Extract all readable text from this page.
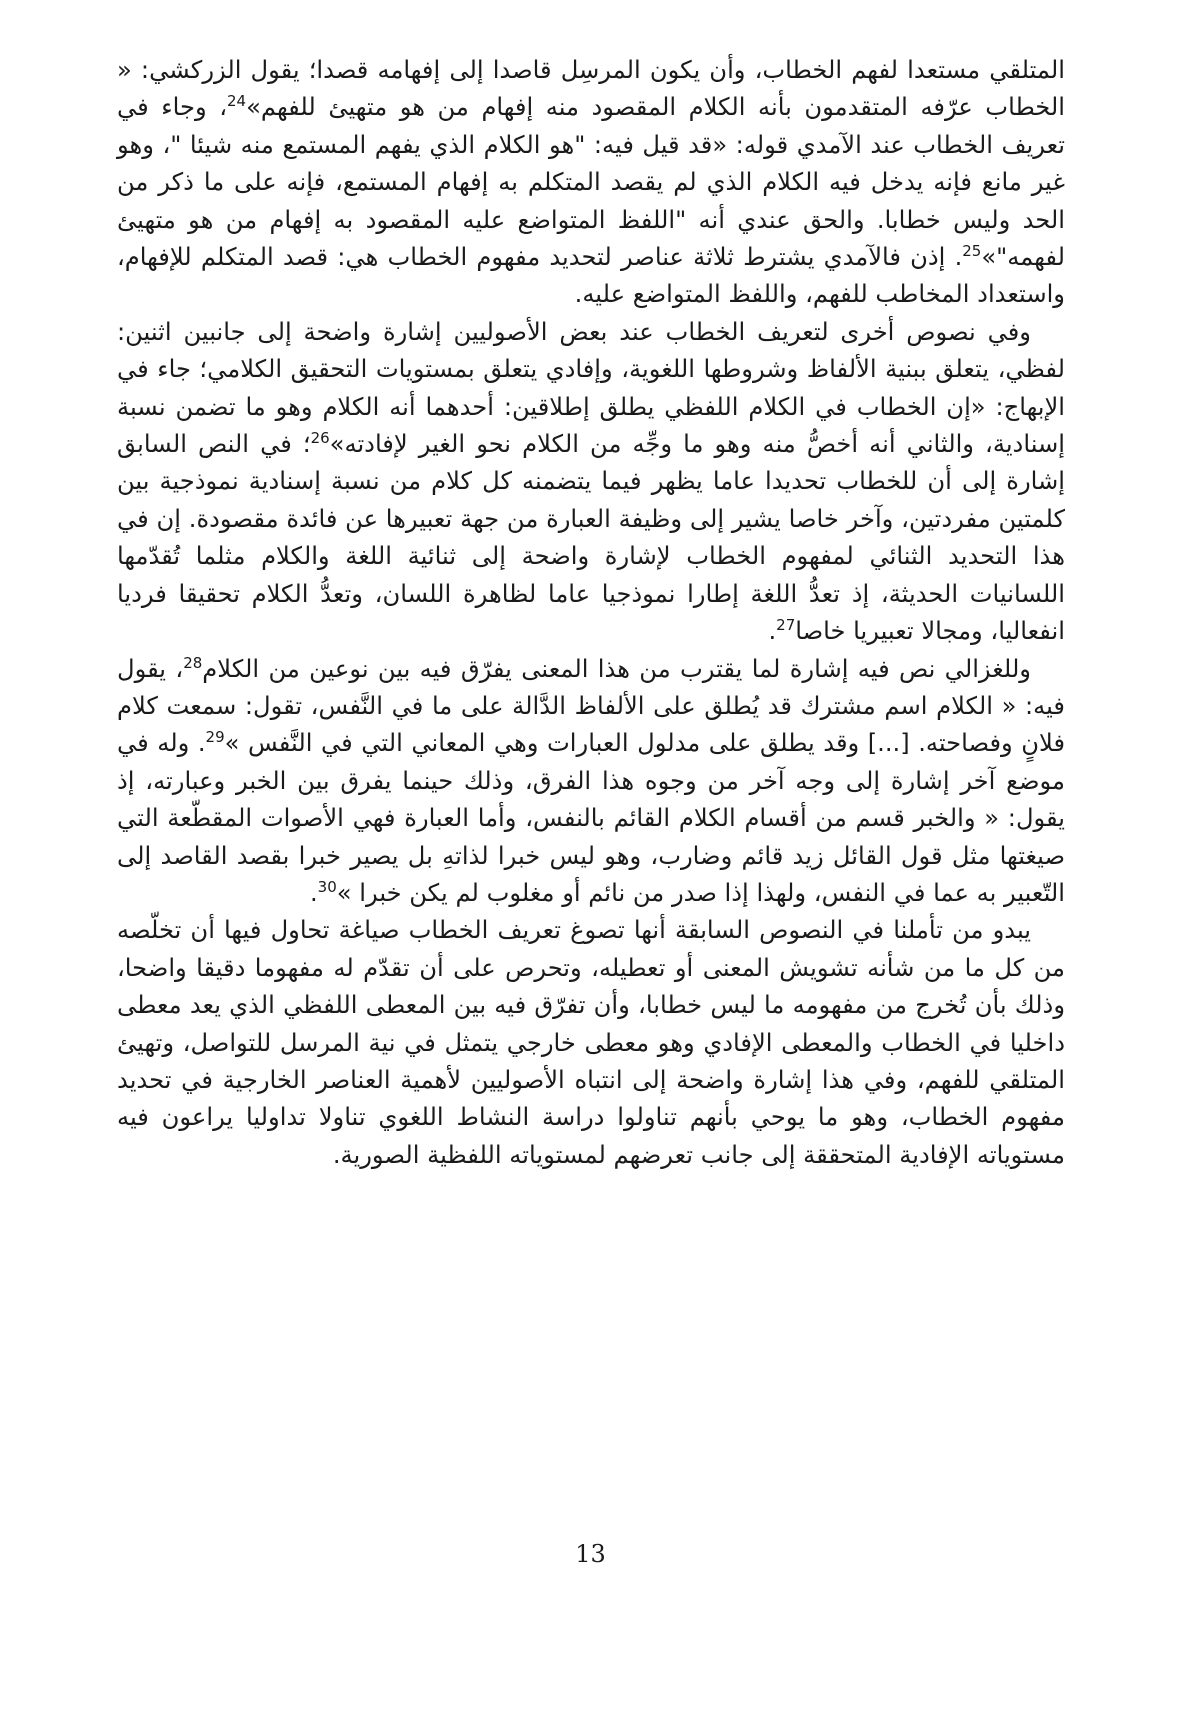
المتلقي مستعدا لفهم الخطاب، وأن يكون المرسِل قاصدا إلى إفهامه قصدا؛ يقول الزركشي: « الخطاب عرّفه المتقدمون بأنه الكلام المقصود منه إفهام من هو متهيئ للفهم»$^{24}$، وجاء في تعريف الخطاب عند الآمدي قوله: «قد قيل فيه: "هو الكلام الذي يفهم المستمع منه شيئا "، وهو غير مانع فإنه يدخل فيه الكلام الذي لم يقصد المتكلم به إفهام المستمع، فإنه على ما ذكر من الحد وليس خطابا. والحق عندي أنه "اللفظ المتواضع عليه المقصود به إفهام من هو متهيئ لفهمه"»$^{25}$. إذن فالآمدي يشترط ثلاثة عناصر لتحديد مفهوم الخطاب هي: قصد المتكلم للإفهام، واستعداد المخاطب للفهم، واللفظ المتواضع عليه.

وفي نصوص أخرى لتعريف الخطاب عند بعض الأصوليين إشارة واضحة إلى جانبين اثنين: لفظي، يتعلق ببنية الألفاظ وشروطها اللغوية، وإفادي يتعلق بمستويات التحقيق الكلامي؛ جاء في الإبهاج: «إن الخطاب في الكلام اللفظي يطلق إطلاقين: أحدهما أنه الكلام وهو ما تضمن نسبة إسنادية، والثاني أنه أخصُّ منه وهو ما وجِّه من الكلام نحو الغير لإفادته»$^{26}$؛ في النص السابق إشارة إلى أن للخطاب تحديدا عاما يظهر فيما يتضمنه كل كلام من نسبة إسنادية نموذجية بين كلمتين مفردتين، وآخر خاصا يشير إلى وظيفة العبارة من جهة تعبيرها عن فائدة مقصودة. إن في هذا التحديد الثنائي لمفهوم الخطاب لإشارة واضحة إلى ثنائية اللغة والكلام مثلما تُقدّمها اللسانيات الحديثة، إذ تعدُّ اللغة إطارا نموذجيا عاما لظاهرة اللسان، وتعدُّ الكلام تحقيقا فرديا انفعاليا، ومجالا تعبيريا خاصا$^{27}$.

وللغزالي نص فيه إشارة لما يقترب من هذا المعنى يفرّق فيه بين نوعين من الكلام$^{28}$، يقول فيه: « الكلام اسم مشترك قد يُطلق على الألفاظ الدَّالة على ما في النَّفس، تقول: سمعت كلام فلانٍ وفصاحته. [...] وقد يطلق على مدلول العبارات وهي المعاني التي في النَّفس »$^{29}$. وله في موضع آخر إشارة إلى وجه آخر من وجوه هذا الفرق، وذلك حينما يفرق بين الخبر وعبارته، إذ يقول: « والخبر قسم من أقسام الكلام القائم بالنفس، وأما العبارة فهي الأصوات المقطّعة التي صيغتها مثل قول القائل زيد قائم وضارب، وهو ليس خبرا لذاتهِ بل يصير خبرا بقصد القاصد إلى التّعبير به عما في النفس، ولهذا إذا صدر من نائم أو مغلوب لم يكن خبرا »$^{30}$.

يبدو من تأملنا في النصوص السابقة أنها تصوغ تعريف الخطاب صياغة تحاول فيها أن تخلّصه من كل ما من شأنه تشويش المعنى أو تعطيله، وتحرص على أن تقدّم له مفهوما دقيقا واضحا، وذلك بأن تُخرج من مفهومه ما ليس خطابا، وأن تفرّق فيه بين المعطى اللفظي الذي يعد معطى داخليا في الخطاب والمعطى الإفادي وهو معطى خارجي يتمثل في نية المرسل للتواصل، وتهيئ المتلقي للفهم، وفي هذا إشارة واضحة إلى انتباه الأصوليين لأهمية العناصر الخارجية في تحديد مفهوم الخطاب، وهو ما يوحي بأنهم تناولوا دراسة النشاط اللغوي تناولا تداوليا يراعون فيه مستوياته الإفادية المتحققة إلى جانب تعرضهم لمستوياته اللفظية الصورية.

13
